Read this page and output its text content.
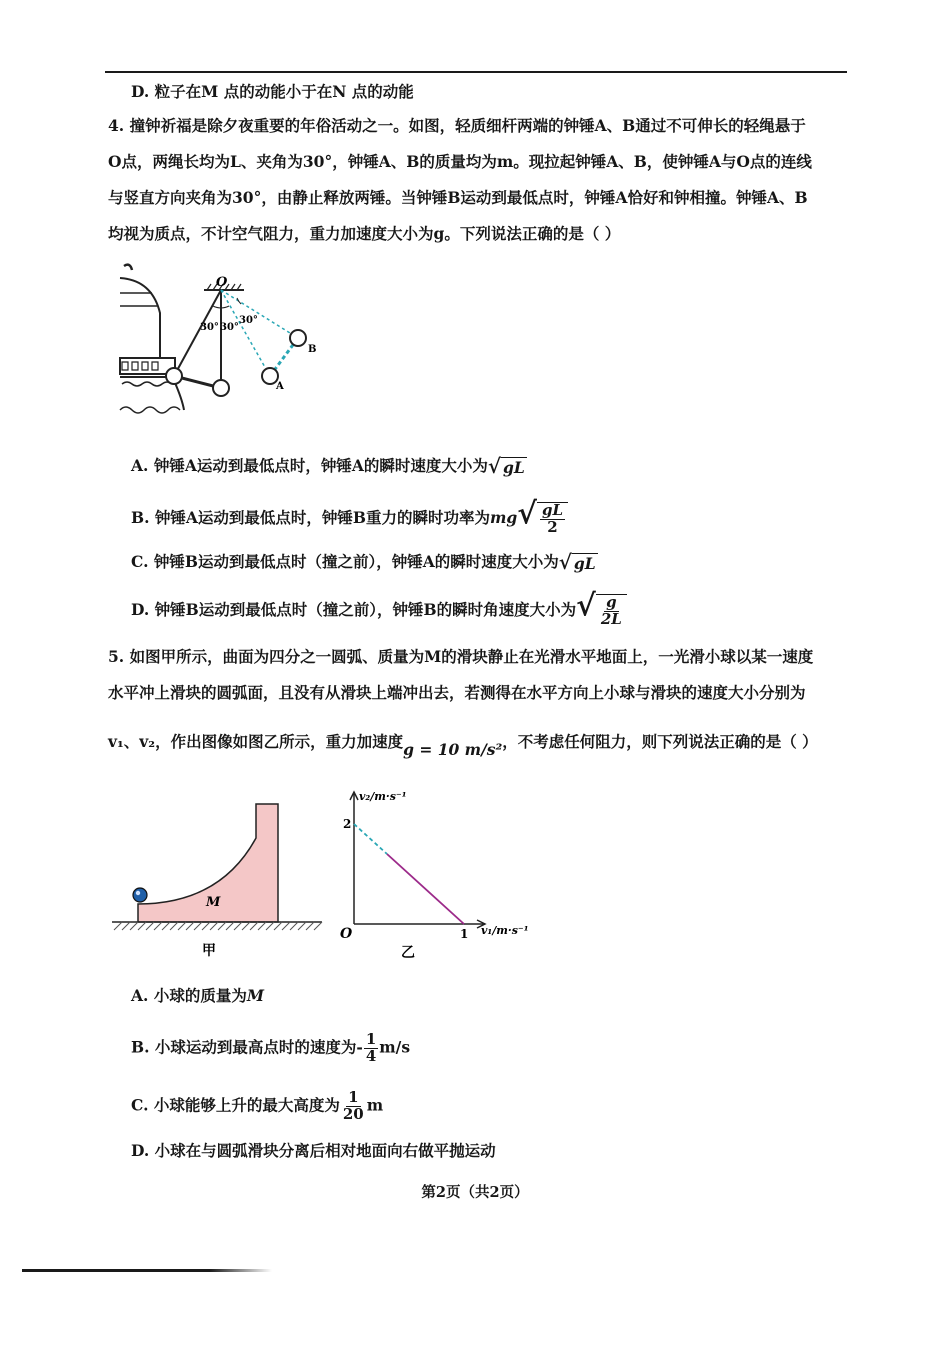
D. 粒子在M 点的动能小于在N 点的动能
4. 撞钟祈福是除夕夜重要的年俗活动之一。如图，轻质细杆两端的钟锤A、B通过不可伸长的轻绳悬于
O点，两绳长均为L、夹角为30°，钟锤A、B的质量均为m。现拉起钟锤A、B，使钟锤A与O点的连线
与竖直方向夹角为30°，由静止释放两锤。当钟锤B运动到最低点时，钟锤A恰好和钟相撞。钟锤A、B
均视为质点，不计空气阻力，重力加速度大小为g。下列说法正确的是（ ）
O
30° 30°
30°
A
B
A. 钟锤A运动到最低点时，钟锤A的瞬时速度大小为√ gL
B. 钟锤A运动到最低点时，钟锤B重力的瞬时功率为$mg√ \frac{gL}{2}$
C. 钟锤B运动到最低点时（撞之前），钟锤A的瞬时速度大小为√ gL
D. 钟锤B运动到最低点时（撞之前），钟锤B的瞬时角速度大小为√ $\frac{g}{2L}$
5. 如图甲所示，曲面为四分之一圆弧、质量为M的滑块静止在光滑水平地面上，一光滑小球以某一速度
水平冲上滑块的圆弧面，且没有从滑块上端冲出去，若测得在水平方向上小球与滑块的速度大小分别为
v₁、v₂，作出图像如图乙所示，重力加速度g = 10 m/s²，不考虑任何阻力，则下列说法正确的是（ ）
M
甲
v₂/m·s⁻¹
v₁/m·s⁻¹
O
2
1
乙
A. 小球的质量为M
B. 小球运动到最高点时的速度为- $\frac{1}{4} m/s$
C. 小球能够上升的最大高度为 $\frac{1}{20}$ m
D. 小球在与圆弧滑块分离后相对地面向右做平抛运动
第2页（共2页）
